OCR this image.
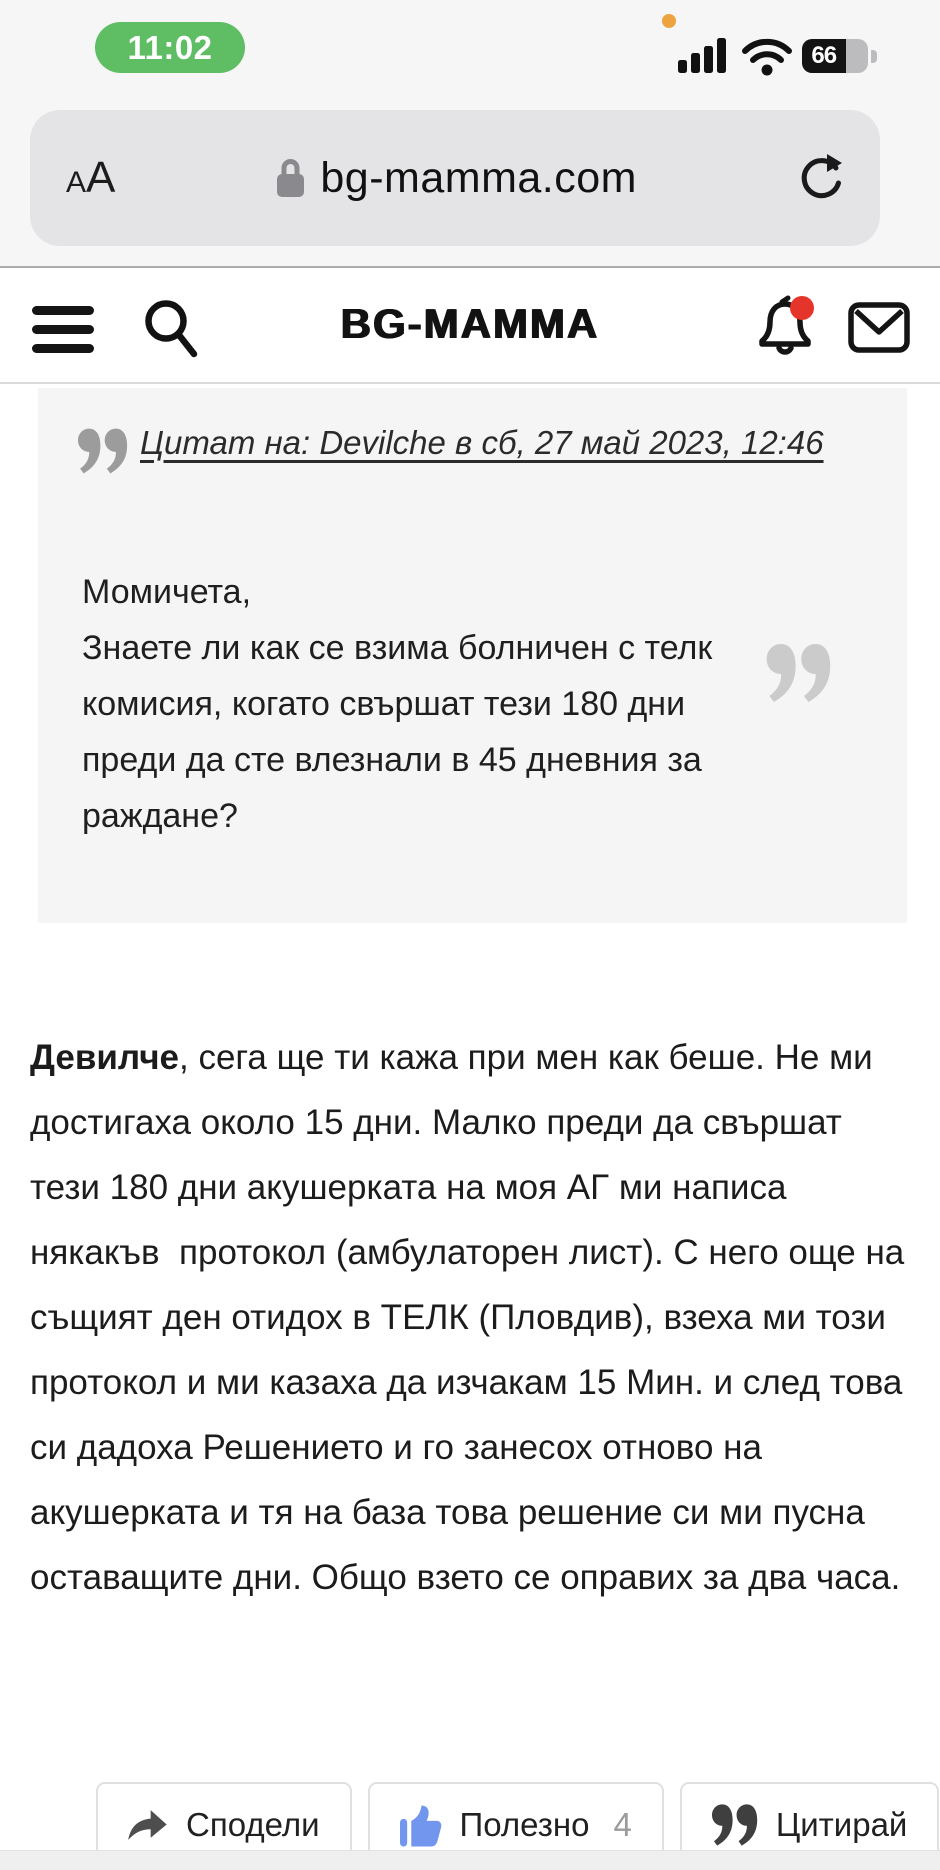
11:02	66
A A	bg-mamma.com
BG-MAMMA
Цитат на: Devilche в сб, 27 май 2023, 12:46
Момичета,
Знаете ли как се взима болничен с телк комисия, когато свършат тези 180 дни преди да сте влезнали в 45 дневния за раждане?

Девилче, сега ще ти кажа при мен как беше. Не ми достигаха около 15 дни. Малко преди да свършат тези 180 дни акушерката на моя АГ ми написа някакъв  протокол (амбулаторен лист). С него още на същият ден отидох в ТЕЛК (Пловдив), взеха ми този протокол и ми казаха да изчакам 15 Мин. и след това си дадоха Решението и го занесох отново на акушерката и тя на база това решение си ми пусна оставащите дни. Общо взето се оправих за два часа.

Сподели	Полезно 4	Цитирай
